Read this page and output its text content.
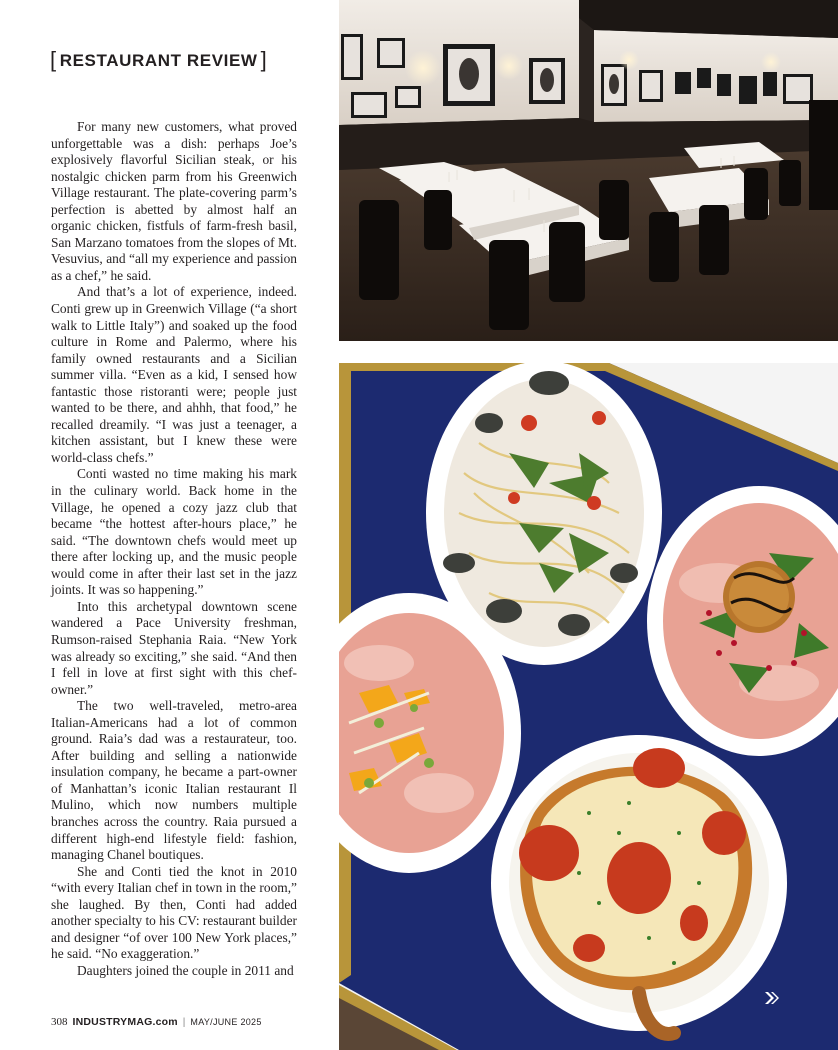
[ RESTAURANT REVIEW ]

For many new customers, what proved unforgettable was a dish: perhaps Joe’s explosively flavorful Sicilian steak, or his nostalgic chicken parm from his Greenwich Village restaurant. The plate-covering parm’s perfection is abetted by almost half an organic chicken, fistfuls of farm-fresh basil, San Marzano tomatoes from the slopes of Mt. Vesuvius, and “all my experience and passion as a chef,” he said.

And that’s a lot of experience, indeed. Conti grew up in Greenwich Village (“a short walk to Little Italy”) and soaked up the food culture in Rome and Palermo, where his family owned restaurants and a Sicilian summer villa. “Even as a kid, I sensed how fantastic those ristoranti were; people just wanted to be there, and ahhh, that food,” he recalled dreamily. “I was just a teenager, a kitchen assistant, but I knew these were world-class chefs.”

Conti wasted no time making his mark in the culinary world. Back home in the Village, he opened a cozy jazz club that became “the hottest after-hours place,” he said. “The downtown chefs would meet up there after locking up, and the music people would come in after their last set in the jazz joints. It was so happening.”

Into this archetypal downtown scene wandered a Pace University freshman, Rumson-raised Stephania Raia. “New York was already so exciting,” she said. “And then I fell in love at first sight with this chef-owner.”

The two well-traveled, metro-area Italian-Americans had a lot of common ground. Raia’s dad was a restaurateur, too. After building and selling a nationwide insulation company, he became a part-owner of Manhattan’s iconic Italian restaurant Il Mulino, which now numbers multiple branches across the country. Raia pursued a different high-end lifestyle field: fashion, managing Chanel boutiques.

She and Conti tied the knot in 2010 “with every Italian chef in town in the room,” she laughed. By then, Conti had added another specialty to his CV: restaurant builder and designer “of over 100 New York places,” he said. “No exaggeration.”

Daughters joined the couple in 2011 and

308 INDUSTRYMAG.com | MAY/JUNE 2025
